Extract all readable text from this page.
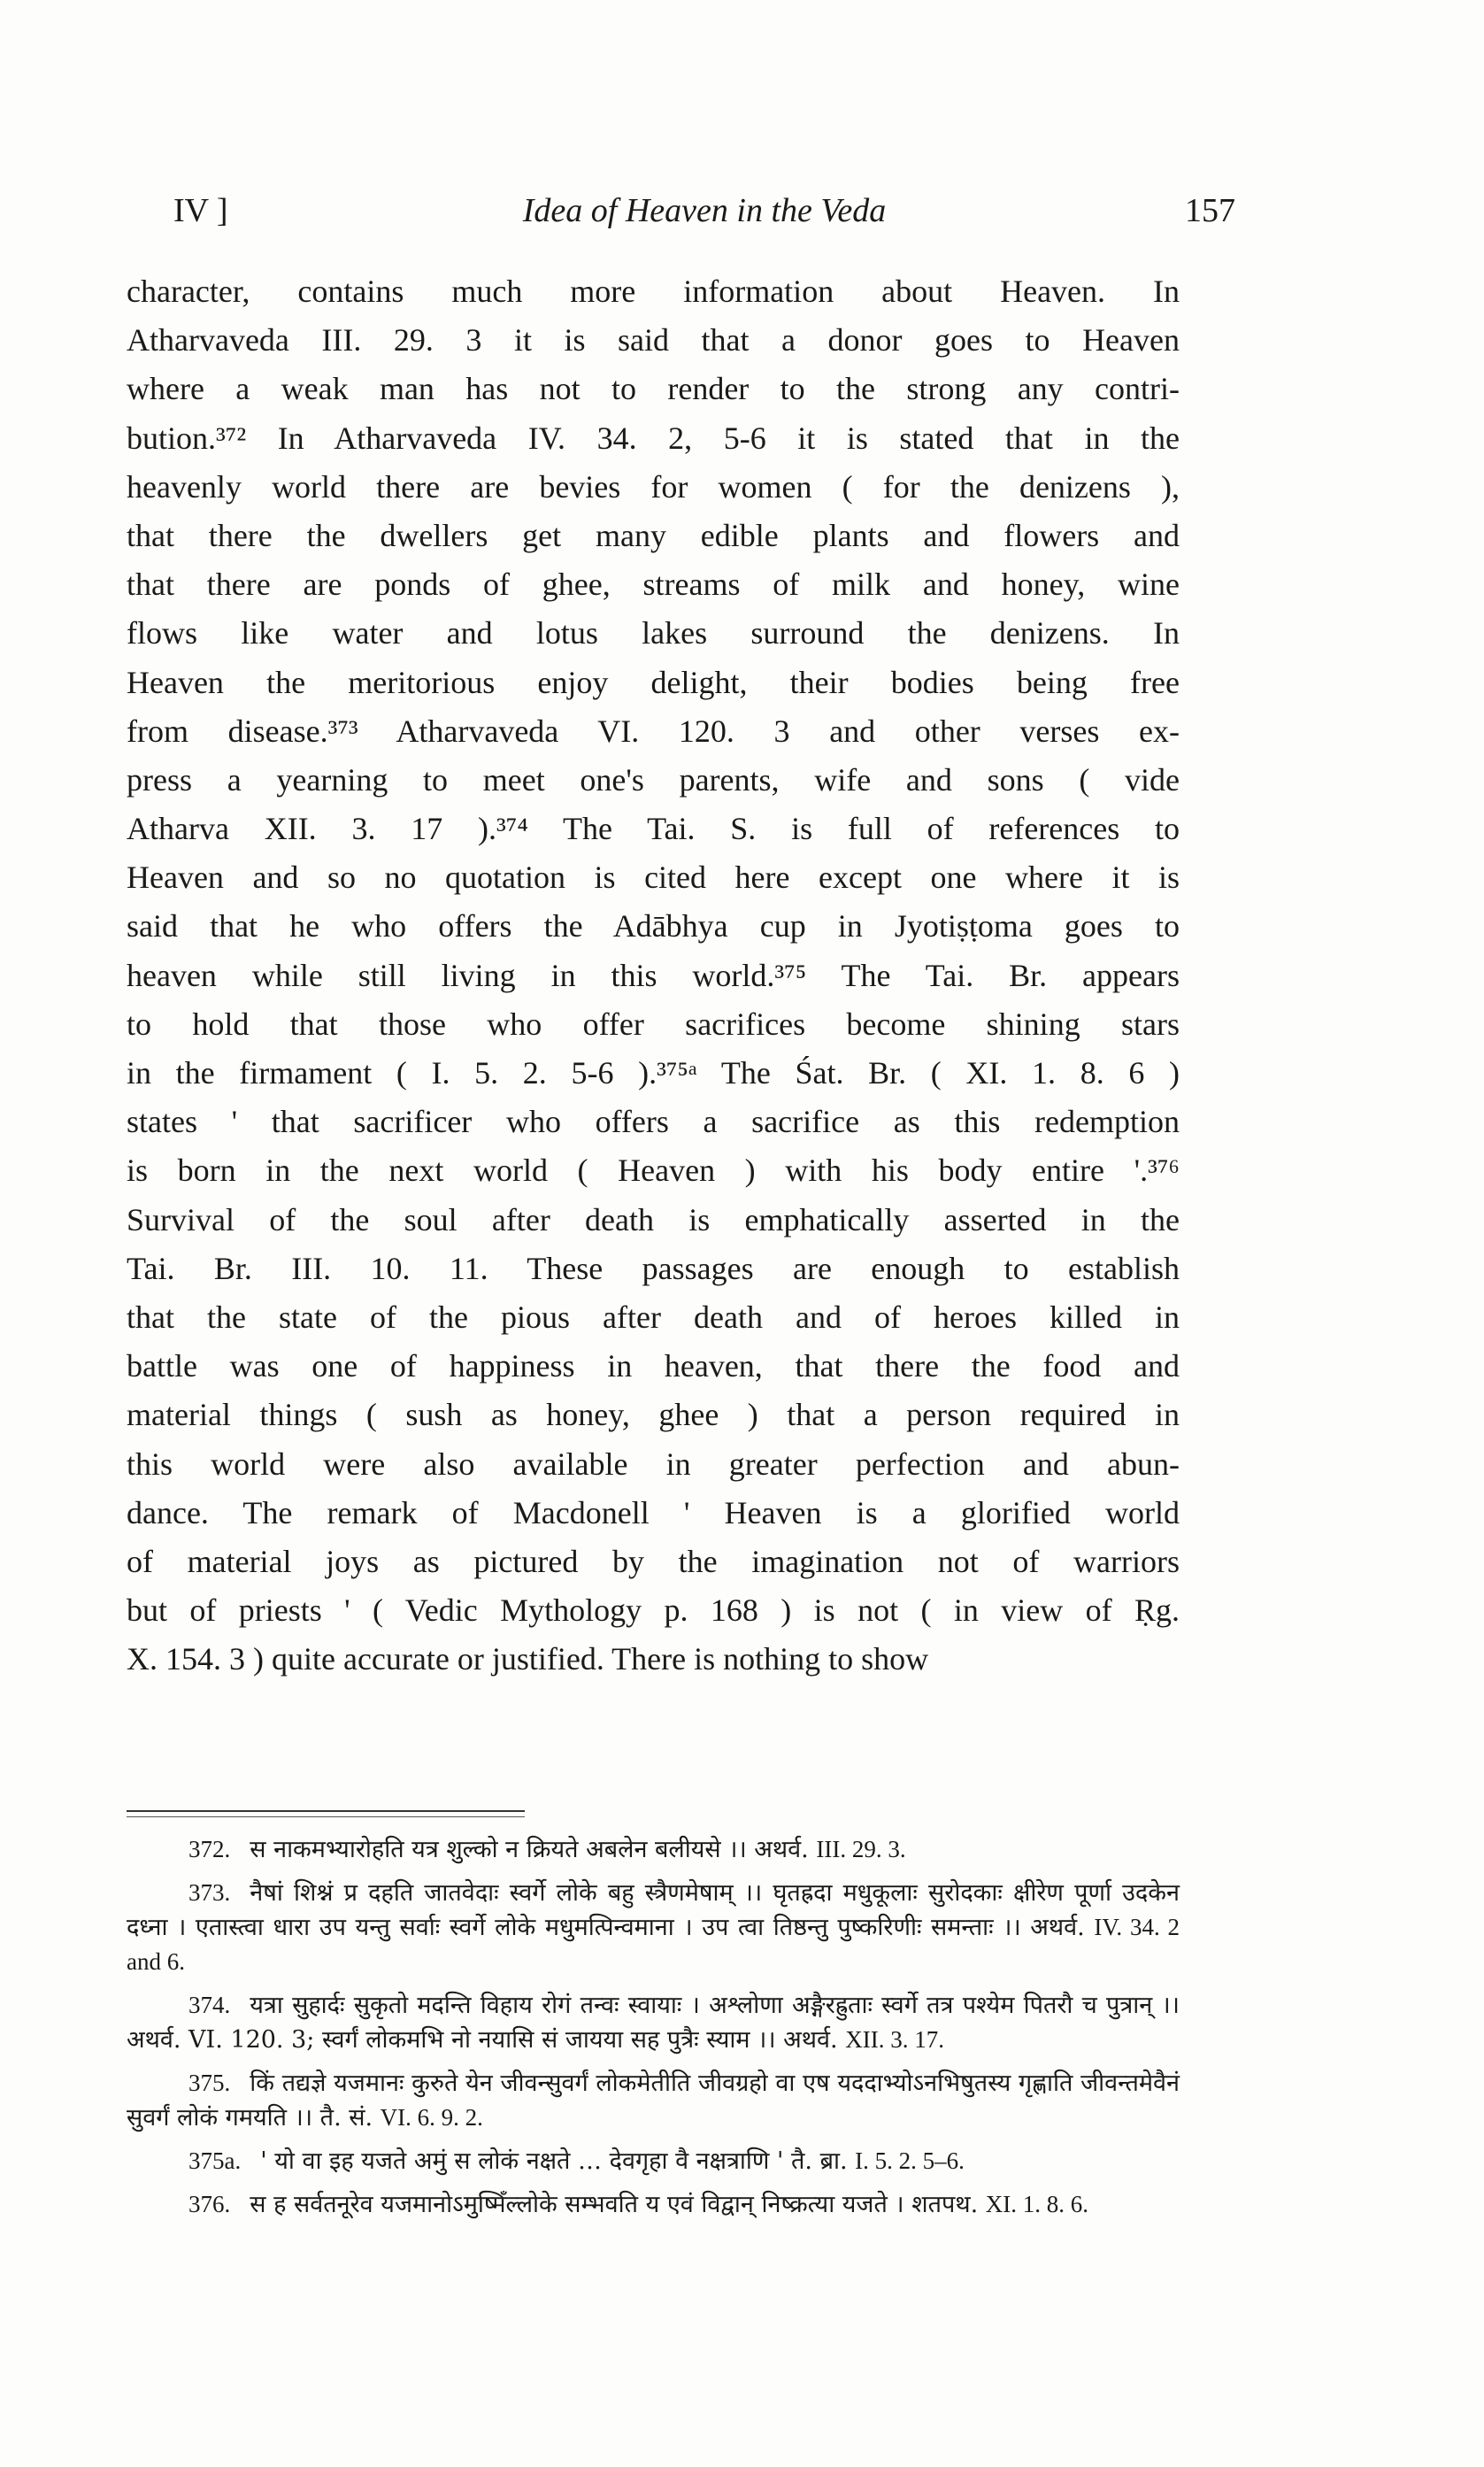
IV ]	Idea of Heaven in the Veda	157
character, contains much more information about Heaven. In
Atharvaveda III. 29. 3 it is said that a donor goes to Heaven
where a weak man has not to render to the strong any contri-
bution.³⁷² In Atharvaveda IV. 34. 2, 5-6 it is stated that in the
heavenly world there are bevies for women ( for the denizens ),
that there the dwellers get many edible plants and flowers and
that there are ponds of ghee, streams of milk and honey, wine
flows like water and lotus lakes surround the denizens. In
Heaven the meritorious enjoy delight, their bodies being free
from disease.³⁷³ Atharvaveda VI. 120. 3 and other verses ex-
press a yearning to meet one's parents, wife and sons ( vide
Atharva XII. 3. 17 ).³⁷⁴ The Tai. S. is full of references to
Heaven and so no quotation is cited here except one where it is
said that he who offers the Adābhya cup in Jyotiṣṭoma goes to
heaven while still living in this world.³⁷⁵ The Tai. Br. appears
to hold that those who offer sacrifices become shining stars
in the firmament ( I. 5. 2. 5-6 ).³⁷⁵ᵃ The Śat. Br. ( XI. 1. 8. 6 )
states ' that sacrificer who offers a sacrifice as this redemption
is born in the next world ( Heaven ) with his body entire '.³⁷⁶
Survival of the soul after death is emphatically asserted in the
Tai. Br. III. 10. 11. These passages are enough to establish
that the state of the pious after death and of heroes killed in
battle was one of happiness in heaven, that there the food and
material things ( sush as honey, ghee ) that a person required in
this world were also available in greater perfection and abun-
dance. The remark of Macdonell ' Heaven is a glorified world
of material joys as pictured by the imagination not of warriors
but of priests ' ( Vedic Mythology p. 168 ) is not ( in view of Ṛg.
X. 154. 3 ) quite accurate or justified. There is nothing to show
372. स नाकमभ्यारोहति यत्र शुल्को न क्रियते अबलेन बलीयसे ।। अथर्व. III. 29. 3.
373. नैषां शिश्नं प्र दहति जातवेदाः स्वर्गे लोके बहु स्त्रैणमेषाम् ।। घृतह्रदा मधुकूलाः सुरोदकाः क्षीरेण पूर्णा उदकेन दध्ना । एतास्त्वा धारा उप यन्तु सर्वाः स्वर्गे लोके मधुमत्पिन्वमाना । उप त्वा तिष्ठन्तु पुष्करिणीः समन्ताः ।। अथर्व. IV. 34. 2 and 6.
374. यत्रा सुहार्दः सुकृतो मदन्ति विहाय रोगं तन्वः स्वायाः । अश्लोणा अङ्गैरह्रुताः स्वर्गे तत्र पश्येम पितरौ च पुत्रान् ।। अथर्व. VI. 120. 3; स्वर्गं लोकमभि नो नयासि सं जायया सह पुत्रैः स्याम ।। अथर्व. XII. 3. 17.
375. किं तद्यज्ञे यजमानः कुरुते येन जीवन्सुवर्गं लोकमेतीति जीवग्रहो वा एष यददाभ्योऽनभिषुतस्य गृह्णाति जीवन्तमेवैनं सुवर्गं लोकं गमयति ।। तै. सं. VI. 6. 9. 2.
375a. ' यो वा इह यजते अमुं स लोकं नक्षते … देवगृहा वै नक्षत्राणि ' तै. ब्रा. I. 5. 2. 5–6.
376. स ह सर्वतनूरेव यजमानोऽमुष्मिँल्लोके सम्भवति य एवं विद्वान् निष्क्रत्या यजते । शतपथ. XI. 1. 8. 6.
